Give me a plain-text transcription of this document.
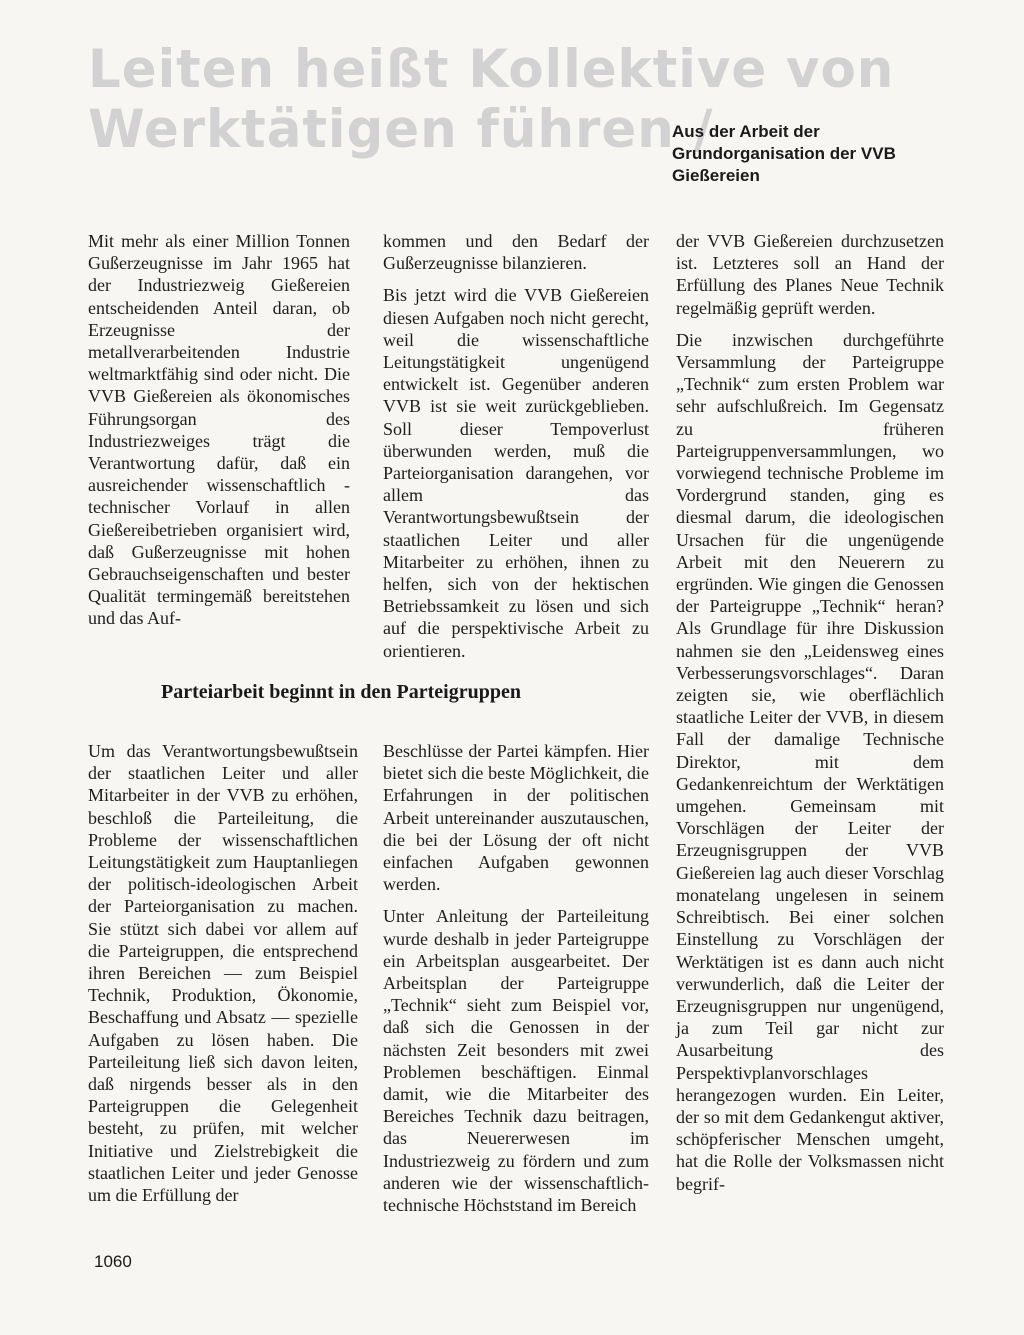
Leiten heißt Kollektive von
Werktätigen führen /
Aus der Arbeit der Grundorganisation der VVB Gießereien

Mit mehr als einer Million Tonnen Gußerzeugnisse im Jahr 1965 hat der Industriezweig Gießereien entscheidenden Anteil daran, ob Erzeugnisse der metallverarbeitenden Industrie weltmarktfähig sind oder nicht. Die VVB Gießereien als ökonomisches Führungsorgan des Industriezweiges trägt die Verantwortung dafür, daß ein ausreichender wissenschaftlich - technischer Vorlauf in allen Gießereibetrieben organisiert wird, daß Gußerzeugnisse mit hohen Gebrauchseigenschaften und bester Qualität termingemäß bereitstehen und das Auf-

kommen und den Bedarf der Gußerzeugnisse bilanzieren.

Bis jetzt wird die VVB Gießereien diesen Aufgaben noch nicht gerecht, weil die wissenschaftliche Leitungstätigkeit ungenügend entwickelt ist. Gegenüber anderen VVB ist sie weit zurückgeblieben. Soll dieser Tempoverlust überwunden werden, muß die Parteiorganisation darangehen, vor allem das Verantwortungsbewußtsein der staatlichen Leiter und aller Mitarbeiter zu erhöhen, ihnen zu helfen, sich von der hektischen Betriebssamkeit zu lösen und sich auf die perspektivische Arbeit zu orientieren.

der VVB Gießereien durchzusetzen ist. Letzteres soll an Hand der Erfüllung des Planes Neue Technik regelmäßig geprüft werden.

Die inzwischen durchgeführte Versammlung der Parteigruppe „Technik“ zum ersten Problem war sehr aufschlußreich. Im Gegensatz zu früheren Parteigruppenversammlungen, wo vorwiegend technische Probleme im Vordergrund standen, ging es diesmal darum, die ideologischen Ursachen für die ungenügende Arbeit mit den Neuerern zu ergründen. Wie gingen die Genossen der Parteigruppe „Technik“ heran? Als Grundlage für ihre Diskussion nahmen sie den „Leidensweg eines Verbesserungsvorschlages“. Daran zeigten sie, wie oberflächlich staatliche Leiter der VVB, in diesem Fall der damalige Technische Direktor, mit dem Gedankenreichtum der Werktätigen umgehen. Gemeinsam mit Vorschlägen der Leiter der Erzeugnisgruppen der VVB Gießereien lag auch dieser Vorschlag monatelang ungelesen in seinem Schreibtisch. Bei einer solchen Einstellung zu Vorschlägen der Werktätigen ist es dann auch nicht verwunderlich, daß die Leiter der Erzeugnisgruppen nur ungenügend, ja zum Teil gar nicht zur Ausarbeitung des Perspektivplanvorschlages herangezogen wurden. Ein Leiter, der so mit dem Gedankengut aktiver, schöpferischer Menschen umgeht, hat die Rolle der Volksmassen nicht begrif-

Parteiarbeit beginnt in den Parteigruppen

Um das Verantwortungsbewußtsein der staatlichen Leiter und aller Mitarbeiter in der VVB zu erhöhen, beschloß die Parteileitung, die Probleme der wissenschaftlichen Leitungstätigkeit zum Hauptanliegen der politisch-ideologischen Arbeit der Parteiorganisation zu machen. Sie stützt sich dabei vor allem auf die Parteigruppen, die entsprechend ihren Bereichen — zum Beispiel Technik, Produktion, Ökonomie, Beschaffung und Absatz — spezielle Aufgaben zu lösen haben. Die Parteileitung ließ sich davon leiten, daß nirgends besser als in den Parteigruppen die Gelegenheit besteht, zu prüfen, mit welcher Initiative und Zielstrebigkeit die staatlichen Leiter und jeder Genosse um die Erfüllung der

Beschlüsse der Partei kämpfen. Hier bietet sich die beste Möglichkeit, die Erfahrungen in der politischen Arbeit untereinander auszutauschen, die bei der Lösung der oft nicht einfachen Aufgaben gewonnen werden.

Unter Anleitung der Parteileitung wurde deshalb in jeder Parteigruppe ein Arbeitsplan ausgearbeitet. Der Arbeitsplan der Parteigruppe „Technik“ sieht zum Beispiel vor, daß sich die Genossen in der nächsten Zeit besonders mit zwei Problemen beschäftigen. Einmal damit, wie die Mitarbeiter des Bereiches Technik dazu beitragen, das Neuererwesen im Industriezweig zu fördern und zum anderen wie der wissenschaftlich-technische Höchststand im Bereich

1060
